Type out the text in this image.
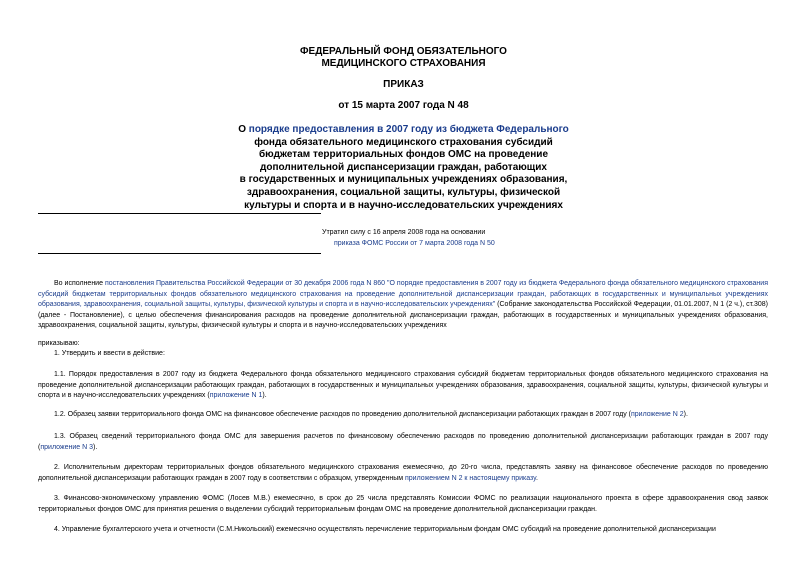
ФЕДЕРАЛЬНЫЙ ФОНД ОБЯЗАТЕЛЬНОГО
МЕДИЦИНСКОГО СТРАХОВАНИЯ
ПРИКАЗ
от 15 марта 2007 года N 48
О порядке предоставления в 2007 году из бюджета Федерального
фонда обязательного медицинского страхования субсидий
бюджетам территориальных фондов ОМС на проведение
дополнительной диспансеризации граждан, работающих
в государственных и муниципальных учреждениях образования,
здравоохранения, социальной защиты, культуры, физической
культуры и спорта и в научно-исследовательских учреждениях
Утратил силу с 16 апреля 2008 года на основании
приказа ФОМС России от 7 марта 2008 года N 50
Во исполнение постановления Правительства Российской Федерации от 30 декабря 2006 года N 860 "О порядке предоставления в 2007 году из бюджета Федерального фонда обязательного медицинского страхования субсидий бюджетам территориальных фондов обязательного медицинского страхования на проведение дополнительной диспансеризации граждан, работающих в государственных и муниципальных учреждениях образования, здравоохранения, социальной защиты, культуры, физической культуры и спорта и в научно-исследовательских учреждениях" (Собрание законодательства Российской Федерации, 01.01.2007, N 1 (2 ч.), ст.308) (далее - Постановление), с целью обеспечения финансирования расходов на проведение дополнительной диспансеризации граждан, работающих в государственных и муниципальных учреждениях образования, здравоохранения, социальной защиты, культуры, физической культуры и спорта и в научно-исследовательских учреждениях
приказываю:
1. Утвердить и ввести в действие:
1.1. Порядок предоставления в 2007 году из бюджета Федерального фонда обязательного медицинского страхования субсидий бюджетам территориальных фондов обязательного медицинского страхования на проведение дополнительной диспансеризации работающих граждан, работающих в государственных и муниципальных учреждениях образования, здравоохранения, социальной защиты, культуры, физической культуры и спорта и в научно-исследовательских учреждениях (приложение N 1).
1.2. Образец заявки территориального фонда ОМС на финансовое обеспечение расходов по проведению дополнительной диспансеризации работающих граждан в 2007 году (приложение N 2).
1.3. Образец сведений территориального фонда ОМС для завершения расчетов по финансовому обеспечению расходов по проведению дополнительной диспансеризации работающих граждан в 2007 году (приложение N 3).
2. Исполнительным директорам территориальных фондов обязательного медицинского страхования ежемесячно, до 20-го числа, представлять заявку на финансовое обеспечение расходов по проведению дополнительной диспансеризации работающих граждан в 2007 году в соответствии с образцом, утвержденным приложением N 2 к настоящему приказу.
3. Финансово-экономическому управлению ФОМС (Лосев М.В.) ежемесячно, в срок до 25 числа представлять Комиссии ФОМС по реализации национального проекта в сфере здравоохранения свод заявок территориальных фондов ОМС для принятия решения о выделении субсидий территориальным фондам ОМС на проведение дополнительной диспансеризации граждан.
4. Управление бухгалтерского учета и отчетности (С.М.Никольский) ежемесячно осуществлять перечисление территориальным фондам ОМС субсидий на проведение дополнительной диспансеризации
